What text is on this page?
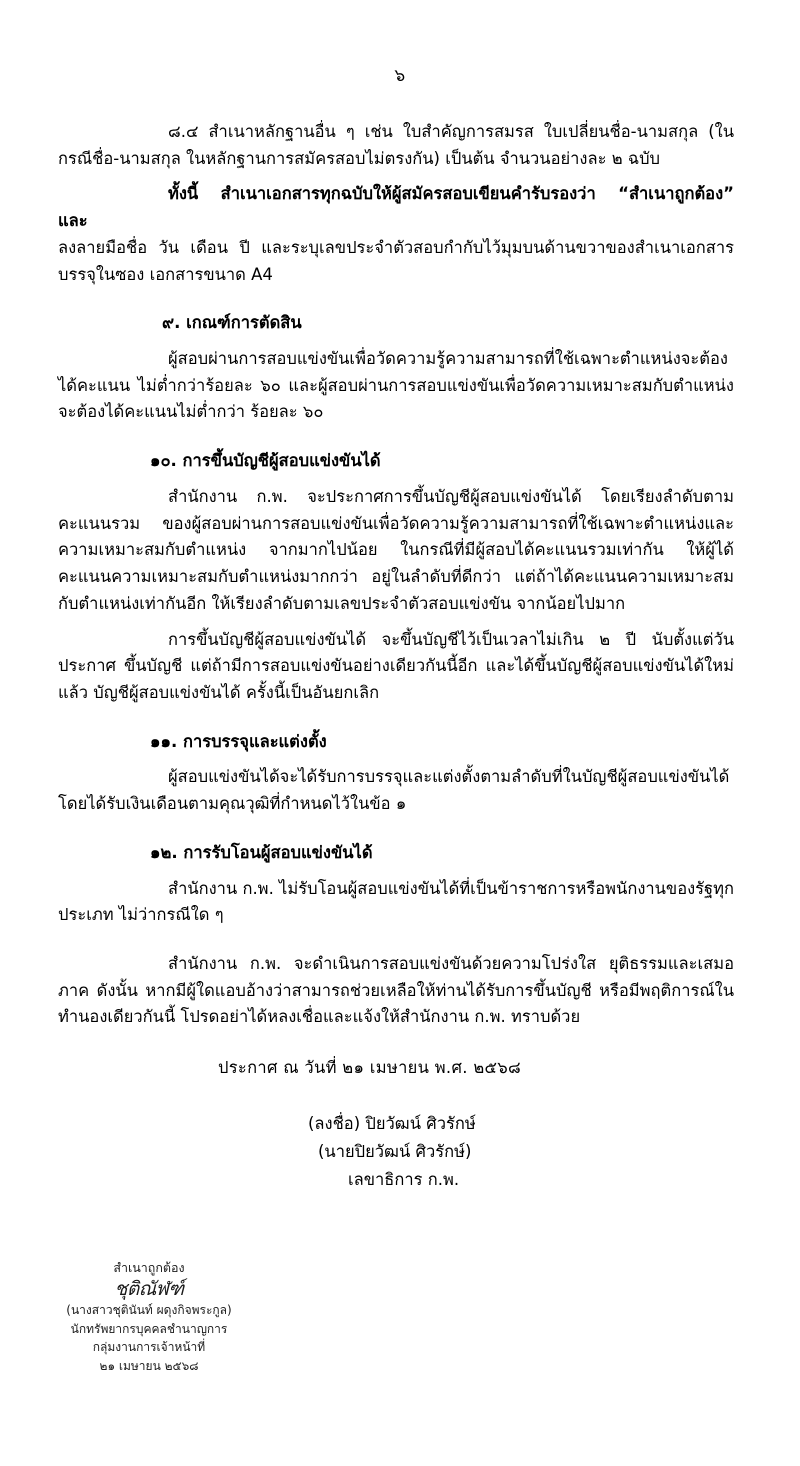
๖

๘.๔ สำเนาหลักฐานอื่น ๆ เช่น ใบสำคัญการสมรส ใบเปลี่ยนชื่อ-นามสกุล (ในกรณีชื่อ-นามสกุล ในหลักฐานการสมัครสอบไม่ตรงกัน) เป็นต้น จำนวนอย่างละ ๒ ฉบับ

ทั้งนี้ สำเนาเอกสารทุกฉบับให้ผู้สมัครสอบเขียนคำรับรองว่า “สำเนาถูกต้อง” และ

ลงลายมือชื่อ วัน เดือน ปี และระบุเลขประจำตัวสอบกำกับไว้มุมบนด้านขวาของสำเนาเอกสาร บรรจุในซอง เอกสารขนาด A4

๙. เกณฑ์การตัดสิน

ผู้สอบผ่านการสอบแข่งขันเพื่อวัดความรู้ความสามารถที่ใช้เฉพาะตำแหน่งจะต้องได้คะแนน ไม่ต่ำกว่าร้อยละ ๖๐ และผู้สอบผ่านการสอบแข่งขันเพื่อวัดความเหมาะสมกับตำแหน่งจะต้องได้คะแนนไม่ต่ำกว่า ร้อยละ ๖๐

๑๐. การขึ้นบัญชีผู้สอบแข่งขันได้

สำนักงาน ก.พ. จะประกาศการขึ้นบัญชีผู้สอบแข่งขันได้ โดยเรียงลำดับตามคะแนนรวม ของผู้สอบผ่านการสอบแข่งขันเพื่อวัดความรู้ความสามารถที่ใช้เฉพาะตำแหน่งและความเหมาะสมกับตำแหน่ง จากมากไปน้อย ในกรณีที่มีผู้สอบได้คะแนนรวมเท่ากัน ให้ผู้ได้คะแนนความเหมาะสมกับตำแหน่งมากกว่า อยู่ในลำดับที่ดีกว่า แต่ถ้าได้คะแนนความเหมาะสมกับตำแหน่งเท่ากันอีก ให้เรียงลำดับตามเลขประจำตัวสอบแข่งขัน จากน้อยไปมาก

การขึ้นบัญชีผู้สอบแข่งขันได้ จะขึ้นบัญชีไว้เป็นเวลาไม่เกิน ๒ ปี นับตั้งแต่วันประกาศ ขึ้นบัญชี แต่ถ้ามีการสอบแข่งขันอย่างเดียวกันนี้อีก และได้ขึ้นบัญชีผู้สอบแข่งขันได้ใหม่แล้ว บัญชีผู้สอบแข่งขันได้ ครั้งนี้เป็นอันยกเลิก

๑๑. การบรรจุและแต่งตั้ง

ผู้สอบแข่งขันได้จะได้รับการบรรจุและแต่งตั้งตามลำดับที่ในบัญชีผู้สอบแข่งขันได้ โดยได้รับเงินเดือนตามคุณวุฒิที่กำหนดไว้ในข้อ ๑

๑๒. การรับโอนผู้สอบแข่งขันได้

สำนักงาน ก.พ. ไม่รับโอนผู้สอบแข่งขันได้ที่เป็นข้าราชการหรือพนักงานของรัฐทุกประเภท ไม่ว่ากรณีใด ๆ

สำนักงาน ก.พ. จะดำเนินการสอบแข่งขันด้วยความโปร่งใส ยุติธรรมและเสมอภาค ดังนั้น หากมีผู้ใดแอบอ้างว่าสามารถช่วยเหลือให้ท่านได้รับการขึ้นบัญชี หรือมีพฤติการณ์ในทำนองเดียวกันนี้ โปรดอย่าได้หลงเชื่อและแจ้งให้สำนักงาน ก.พ. ทราบด้วย

ประกาศ ณ วันที่ ๒๑ เมษายน พ.ศ. ๒๕๖๘

(ลงชื่อ) ปิยวัฒน์ ศิวรักษ์

(นายปิยวัฒน์ ศิวรักษ์)

เลขาธิการ ก.พ.

สำเนาถูกต้อง
ชุติณัฬฑ์
(นางสาวชุตินันท์ ผดุงกิจพระกูล)
นักทรัพยากรบุคคลชำนาญการ
กลุ่มงานการเจ้าหน้าที่
๒๑ เมษายน ๒๕๖๘
